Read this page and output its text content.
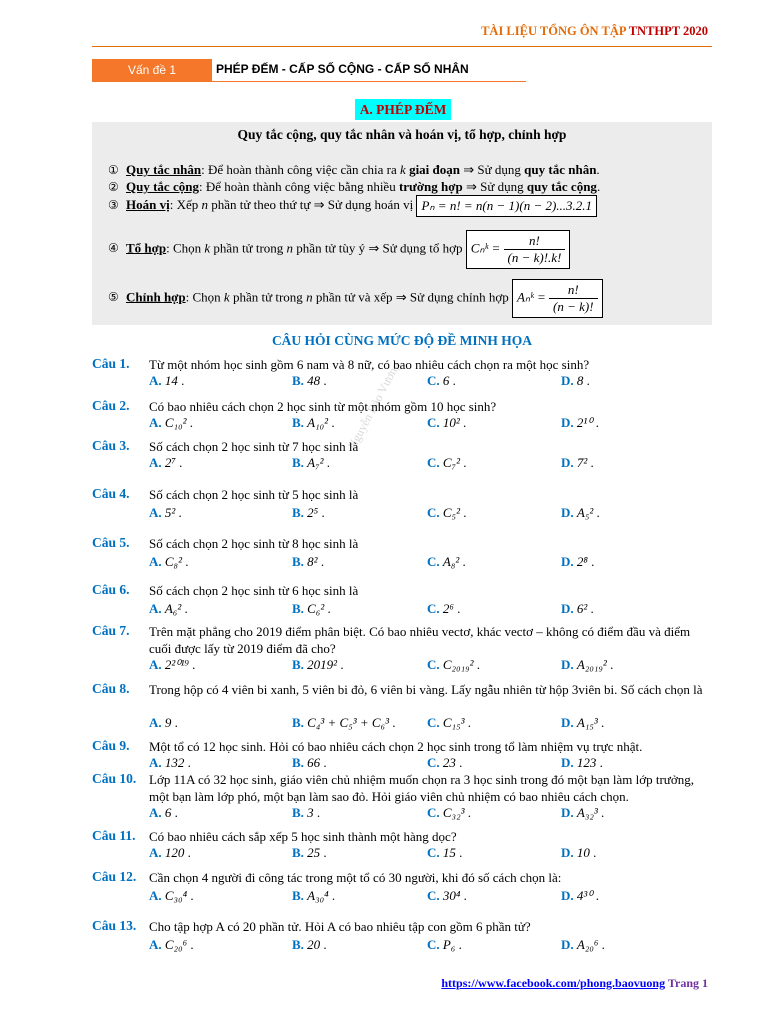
TÀI LIỆU TỔNG ÔN TẬP TNTHPT 2020
Vấn đề 1	PHÉP ĐẾM - CẤP SỐ CỘNG - CẤP SỐ NHÂN
A. PHÉP ĐẾM
Quy tắc cộng, quy tắc nhân và hoán vị, tổ hợp, chỉnh hợp
① Quy tắc nhân: Để hoàn thành công việc cần chia ra k giai đoạn ⇒ Sử dụng quy tắc nhân.
② Quy tắc cộng: Để hoàn thành công việc bằng nhiều trường hợp ⇒ Sử dụng quy tắc cộng.
③ Hoán vị: Xếp n phần tử theo thứ tự ⇒ Sử dụng hoán vị Pₙ = n! = n(n − 1)(n − 2)...3.2.1
④ Tổ hợp: Chọn k phần tử trong n phần tử tùy ý ⇒ Sử dụng tổ hợp Cₙᵏ = $\frac{n!}{(n - k)!.k!}$
⑤ Chỉnh hợp: Chọn k phần tử trong n phần tử và xếp ⇒ Sử dụng chỉnh hợp Aₙᵏ = $\frac{n!}{(n - k)!}$
CÂU HỎI CÙNG MỨC ĐỘ ĐỀ MINH HỌA
Nguyễn Bảo Vương
Câu 1. Từ một nhóm học sinh gồm 6 nam và 8 nữ, có bao nhiêu cách chọn ra một học sinh?
A. 14 .	B. 48 .	C. 6 .	D. 8 .
Câu 2. Có bao nhiêu cách chọn 2 học sinh từ một nhóm gồm 10 học sinh?
A. C₁₀² .	B. A₁₀² .	C. 10² .	D. 2¹⁰ .
Câu 3. Số cách chọn 2 học sinh từ 7 học sinh là
A. 2⁷ .	B. A₇² .	C. C₇² .	D. 7² .
Câu 4. Số cách chọn 2 học sinh từ 5 học sinh là
A. 5² .	B. 2⁵ .	C. C₅² .	D. A₅² .
Câu 5. Số cách chọn 2 học sinh từ 8 học sinh là
A. C₈² .	B. 8² .	C. A₈² .	D. 2⁸ .
Câu 6. Số cách chọn 2 học sinh từ 6 học sinh là
A. A₆² .	B. C₆² .	C. 2⁶ .	D. 6² .
Câu 7. Trên mặt phẳng cho 2019 điểm phân biệt. Có bao nhiêu vectơ, khác vectơ – không có điểm đầu và điểm cuối được lấy từ 2019 điểm đã cho?
A. 2²⁰¹⁹ .	B. 2019² .	C. C₂₀₁₉² .	D. A₂₀₁₉² .
Câu 8. Trong hộp có 4 viên bi xanh, 5 viên bi đỏ, 6 viên bi vàng. Lấy ngẫu nhiên từ hộp 3viên bi. Số cách chọn là
A. 9 .	B. C₄³ + C₅³ + C₆³ . C. C₁₅³ .	D. A₁₅³ .
Câu 9. Một tổ có 12 học sinh. Hỏi có bao nhiêu cách chọn 2 học sinh trong tổ làm nhiệm vụ trực nhật.
A. 132 .	B. 66 .	C. 23 .	D. 123 .
Câu 10. Lớp 11A có 32 học sinh, giáo viên chủ nhiệm muốn chọn ra 3 học sinh trong đó một bạn làm lớp trưởng, một bạn làm lớp phó, một bạn làm sao đỏ. Hỏi giáo viên chủ nhiệm có bao nhiêu cách chọn.
A. 6 .	B. 3 .	C. C₃₂³ .	D. A₃₂³ .
Câu 11. Có bao nhiêu cách sắp xếp 5 học sinh thành một hàng dọc?
A. 120 .	B. 25 .	C. 15 .	D. 10 .
Câu 12. Cần chọn 4 người đi công tác trong một tổ có 30 người, khi đó số cách chọn là:
A. C₃₀⁴ .	B. A₃₀⁴ .	C. 30⁴ .	D. 4³⁰ .
Câu 13. Cho tập hợp A có 20 phần tử. Hỏi A có bao nhiêu tập con gồm 6 phần tử?
A. C₂₀⁶ .	B. 20 .	C. P₆ .	D. A₂₀⁶ .
https://www.facebook.com/phong.baovuong Trang 1
